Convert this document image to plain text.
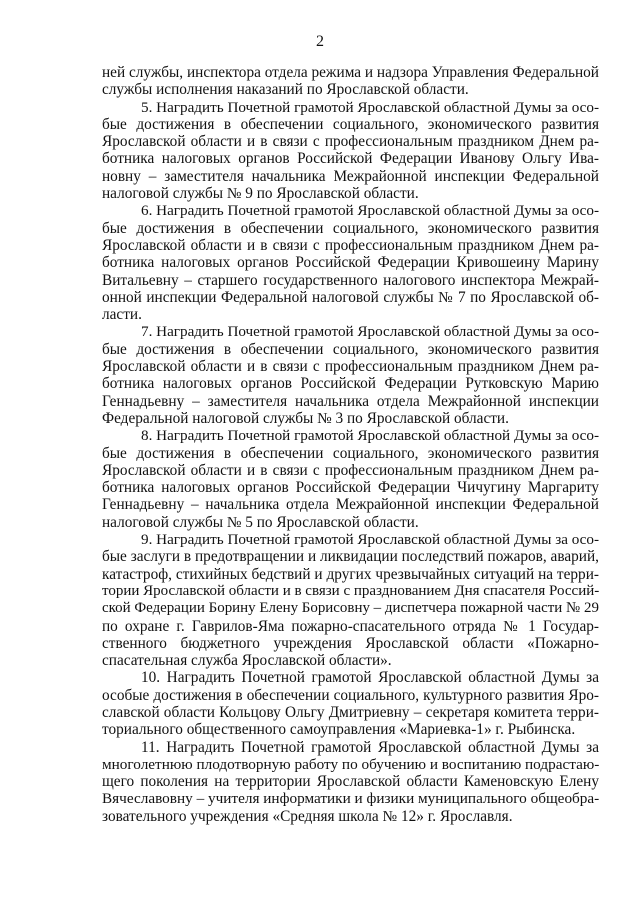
2
ней службы, инспектора отдела режима и надзора Управления Федеральной
службы исполнения наказаний по Ярославской области.
5. Наградить Почетной грамотой Ярославской областной Думы за осо-
бые достижения в обеспечении социального, экономического развития
Ярославской области и в связи с профессиональным праздником Днем ра-
ботника налоговых органов Российской Федерации Иванову Ольгу Ива-
новну – заместителя начальника Межрайонной инспекции Федеральной
налоговой службы № 9 по Ярославской области.
6. Наградить Почетной грамотой Ярославской областной Думы за осо-
бые достижения в обеспечении социального, экономического развития
Ярославской области и в связи с профессиональным праздником Днем ра-
ботника налоговых органов Российской Федерации Кривошеину Марину
Витальевну – старшего государственного налогового инспектора Межрай-
онной инспекции Федеральной налоговой службы № 7 по Ярославской об-
ласти.
7. Наградить Почетной грамотой Ярославской областной Думы за осо-
бые достижения в обеспечении социального, экономического развития
Ярославской области и в связи с профессиональным праздником Днем ра-
ботника налоговых органов Российской Федерации Рутковскую Марию
Геннадьевну – заместителя начальника отдела Межрайонной инспекции
Федеральной налоговой службы № 3 по Ярославской области.
8. Наградить Почетной грамотой Ярославской областной Думы за осо-
бые достижения в обеспечении социального, экономического развития
Ярославской области и в связи с профессиональным праздником Днем ра-
ботника налоговых органов Российской Федерации Чичугину Маргариту
Геннадьевну – начальника отдела Межрайонной инспекции Федеральной
налоговой службы № 5 по Ярославской области.
9. Наградить Почетной грамотой Ярославской областной Думы за осо-
бые заслуги в предотвращении и ликвидации последствий пожаров, аварий,
катастроф, стихийных бедствий и других чрезвычайных ситуаций на терри-
тории Ярославской области и в связи с празднованием Дня спасателя Россий-
ской Федерации Борину Елену Борисовну – диспетчера пожарной части № 29
по охране г. Гаврилов-Яма пожарно-спасательного отряда № 1 Государ-
ственного бюджетного учреждения Ярославской области «Пожарно-
спасательная служба Ярославской области».
10. Наградить Почетной грамотой Ярославской областной Думы за
особые достижения в обеспечении социального, культурного развития Яро-
славской области Кольцову Ольгу Дмитриевну – секретаря комитета терри-
ториального общественного самоуправления «Мариевка-1» г. Рыбинска.
11. Наградить Почетной грамотой Ярославской областной Думы за
многолетнюю плодотворную работу по обучению и воспитанию подрастаю-
щего поколения на территории Ярославской области Каменовскую Елену
Вячеславовну – учителя информатики и физики муниципального общеобра-
зовательного учреждения «Средняя школа № 12» г. Ярославля.
